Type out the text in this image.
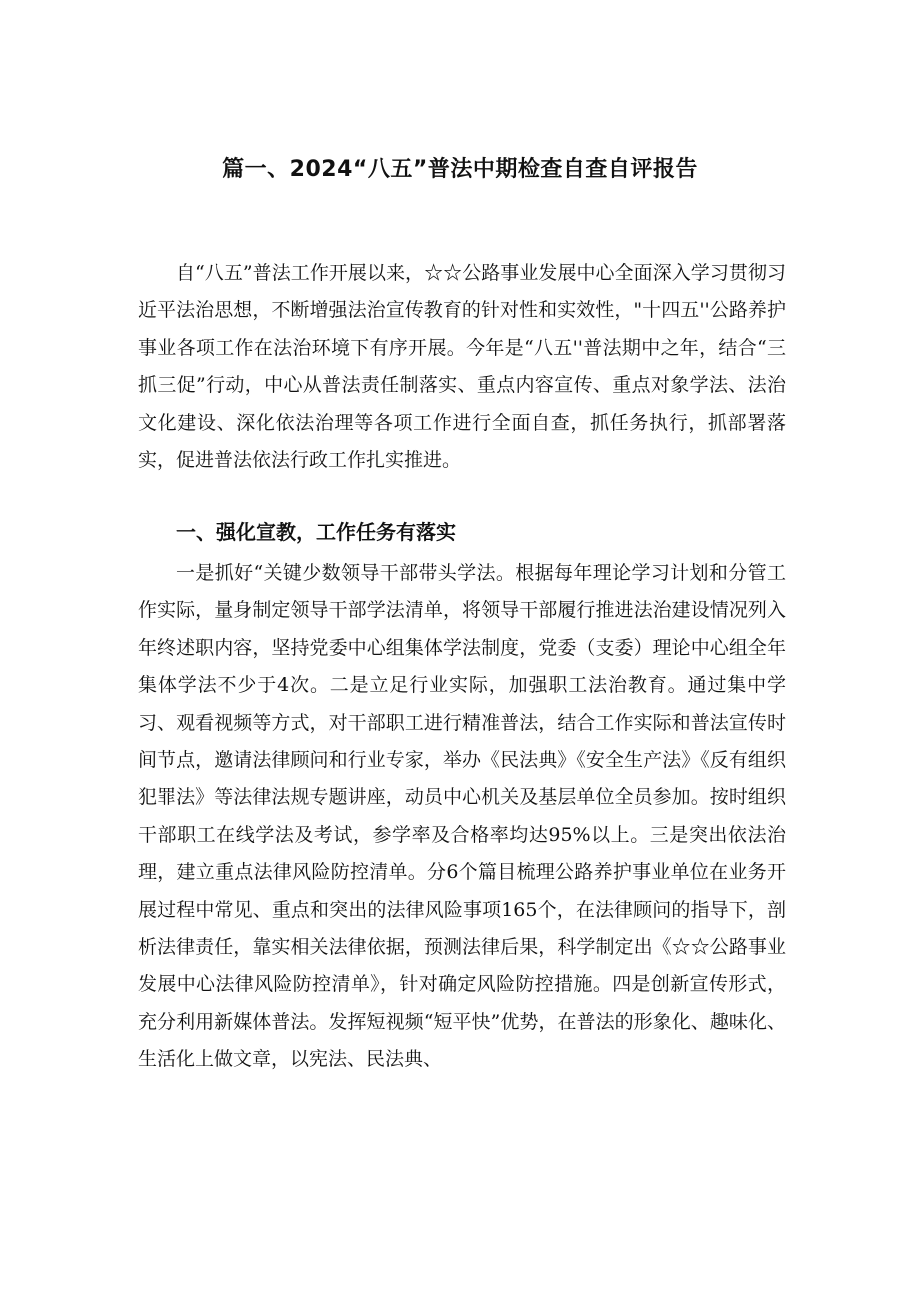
篇一、2024“八五”普法中期检查自查自评报告

自“八五”普法工作开展以来，☆☆公路事业发展中心全面深入学习贯彻习近平法治思想，不断增强法治宣传教育的针对性和实效性，"十四五''公路养护事业各项工作在法治环境下有序开展。今年是“八五''普法期中之年，结合“三抓三促”行动，中心从普法责任制落实、重点内容宣传、重点对象学法、法治文化建设、深化依法治理等各项工作进行全面自查，抓任务执行，抓部署落实，促进普法依法行政工作扎实推进。

一、强化宣教，工作任务有落实

一是抓好“关键少数领导干部带头学法。根据每年理论学习计划和分管工作实际，量身制定领导干部学法清单，将领导干部履行推进法治建设情况列入年终述职内容，坚持党委中心组集体学法制度，党委（支委）理论中心组全年集体学法不少于4次。二是立足行业实际，加强职工法治教育。通过集中学习、观看视频等方式，对干部职工进行精准普法，结合工作实际和普法宣传时间节点，邀请法律顾问和行业专家，举办《民法典》《安全生产法》《反有组织犯罪法》等法律法规专题讲座，动员中心机关及基层单位全员参加。按时组织干部职工在线学法及考试，参学率及合格率均达95%以上。三是突出依法治理，建立重点法律风险防控清单。分6个篇目梳理公路养护事业单位在业务开展过程中常见、重点和突出的法律风险事项165个，在法律顾问的指导下，剖析法律责任，靠实相关法律依据，预测法律后果，科学制定出《☆☆公路事业发展中心法律风险防控清单》，针对确定风险防控措施。四是创新宣传形式，充分利用新媒体普法。发挥短视频“短平快”优势，在普法的形象化、趣味化、生活化上做文章，以宪法、民法典、
